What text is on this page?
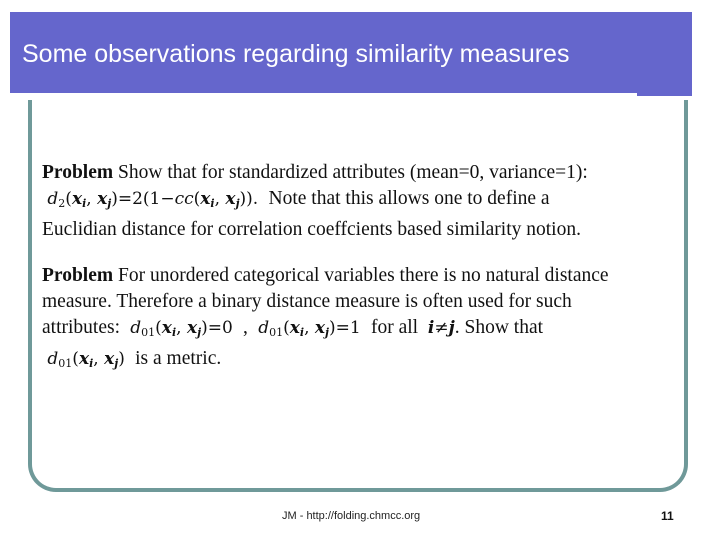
Some observations regarding similarity measures

Problem Show that for standardized attributes (mean=0, variance=1):
$d_2(x_i$, $x_j)=2(1-cc(x_i$, $x_j$)).  Note that this allows one to define a
Euclidian distance for correlation coeffcients based similarity notion.

Problem For unordered categorical variables there is no natural distance
measure. Therefore a binary distance measure is often used for such
attributes: $d_{01}(x_i$, $x_j)=0$ , $d_{01}(x_i$, $x_j)=1$ for all i≠j. Show that
$d_{01}(x_i$, $x_j$)  is a metric.

JM - http://folding.chmcc.org	11
